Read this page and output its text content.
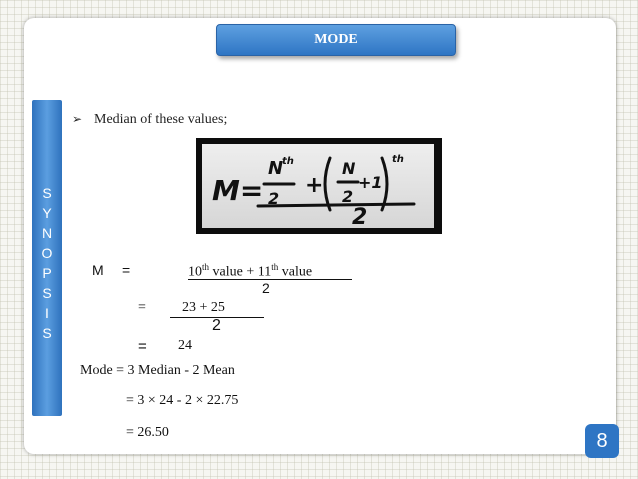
MODE
S
Y
N
O
P
S
I
S
➢ Median of these values;
M=
N
th
2
+
N
2
+1
th
2
M =	10th value + 11th value
2
=	23 + 25
2
= 24
Mode = 3 Median - 2 Mean
= 3 × 24 - 2 × 22.75
= 26.50	8
